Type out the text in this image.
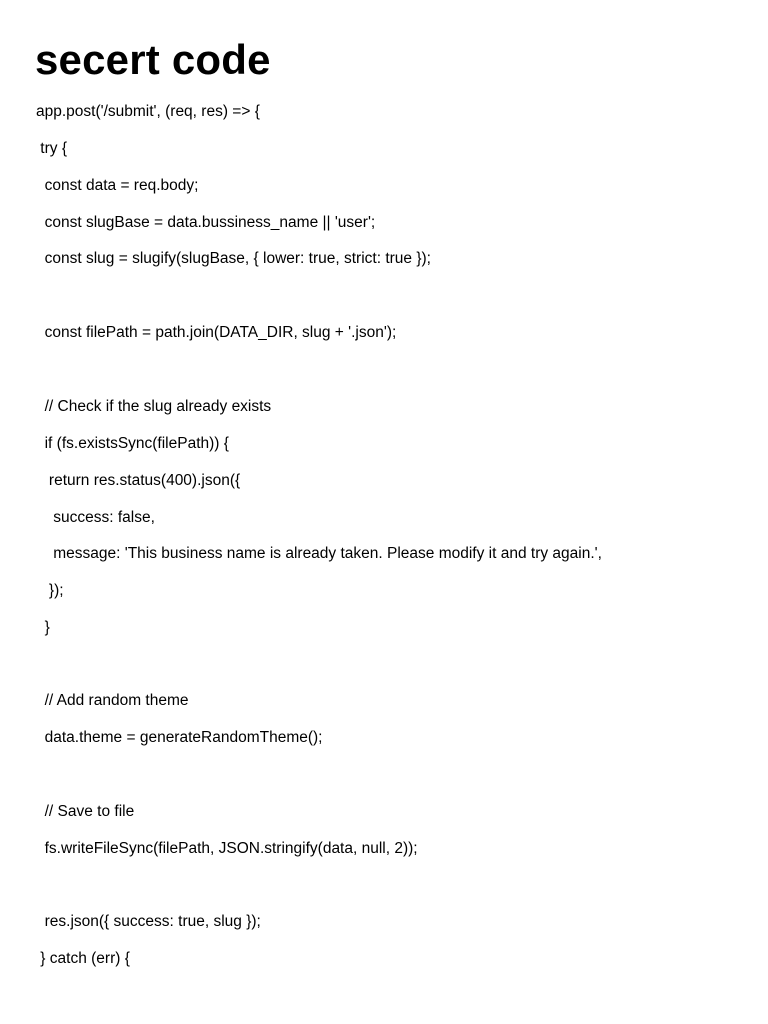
secert code
app.post('/submit', (req, res) => {
try {
const data = req.body;
const slugBase = data.bussiness_name || 'user';
const slug = slugify(slugBase, { lower: true, strict: true });
const filePath = path.join(DATA_DIR, slug + '.json');
// Check if the slug already exists
if (fs.existsSync(filePath)) {
return res.status(400).json({
success: false,
message: 'This business name is already taken. Please modify it and try again.',
});
}
// Add random theme
data.theme = generateRandomTheme();
// Save to file
fs.writeFileSync(filePath, JSON.stringify(data, null, 2));
res.json({ success: true, slug });
} catch (err) {
